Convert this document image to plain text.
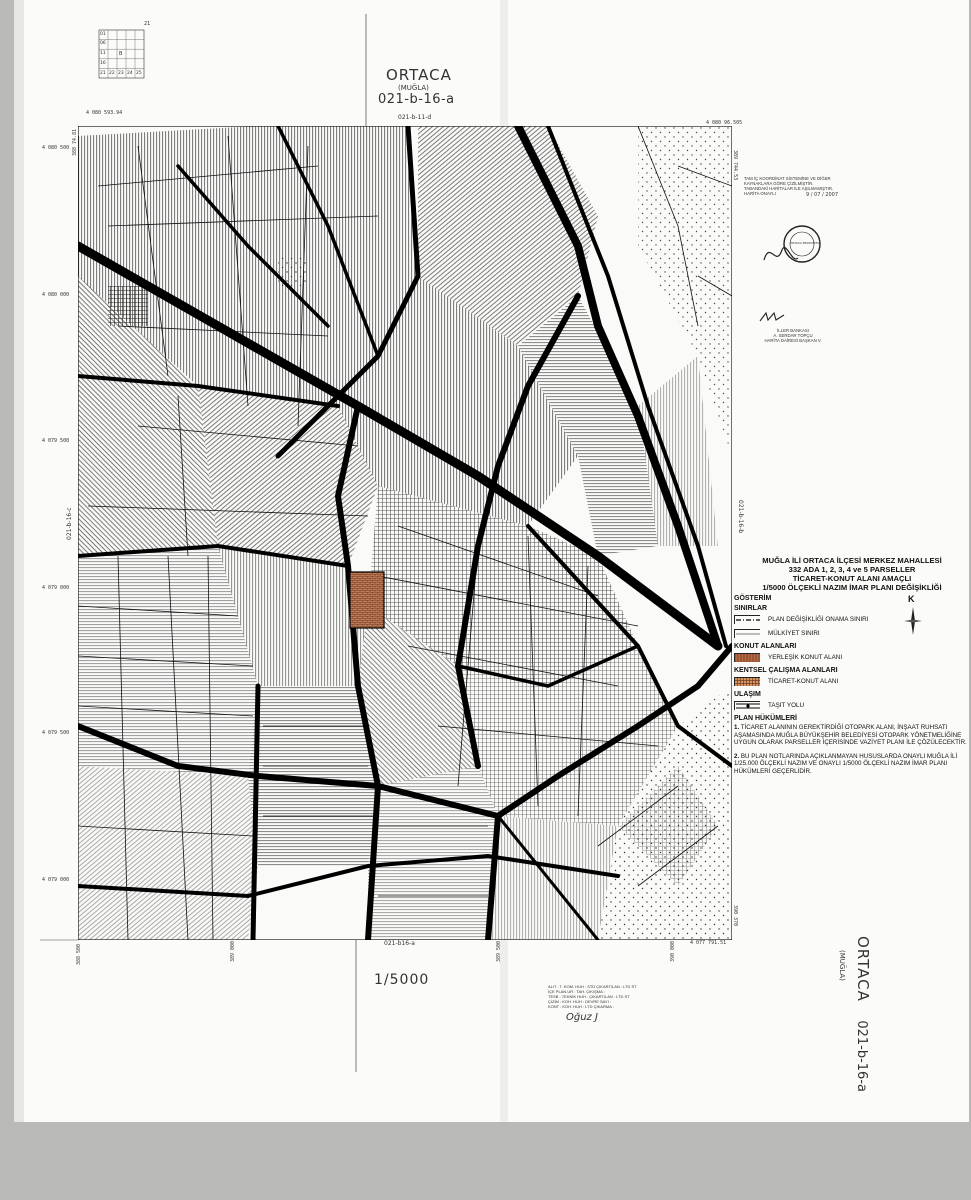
21
01
06
11
16
B
21 22 23 24 25	ORTACA
(MUĞLA)
021-b-16-a
021-b-11-d
021-b16-a
021-b-16-b
021-b-16-c
4 080 593.94
4 080 96.505
4 080 500
4 080 000
4 079 500
4 079 000
4 079 500
4 079 000
4 077 791.51
388 74.81
389 744.53
388 500	389 000	389 500	390 000
390 370
TAM İÇ KOORDİNAT SİSTEMİNE VE DİĞER KAYNAKLARA GÖRE ÇİZİLMİŞTİR.
TABANDAKİ HARİTALAR İLE AŞILMAMIŞTIR.
HARİTA ONAYLI	9 / 07 / 2007
ORTACA BELEDİYESİ
İLLER BANKASI
A. SERDAR TOPÇU
HARİTA DAİRESİ BAŞKAN V.
MUĞLA İLİ ORTACA İLÇESİ MERKEZ MAHALLESİ
332 ADA 1, 2, 3, 4 ve 5 PARSELLER
TİCARET-KONUT ALANI AMAÇLI
1/5000 ÖLÇEKLİ NAZIM İMAR PLANI DEĞİŞİKLİĞİ
GÖSTERİM	K
SINIRLAR
PLAN DEĞİŞİKLİĞİ ONAMA SINIRI
MÜLKİYET SINIRI
KONUT ALANLARI
YERLEŞİK KONUT ALANI
KENTSEL ÇALIŞMA ALANLARI
TİCARET-KONUT ALANI
ULAŞIM
TAŞIT YOLU
PLAN HÜKÜMLERİ
1. TİCARET ALANININ GEREKTİRDİĞİ OTOPARK ALANI, İNŞAAT RUHSATI AŞAMASINDA MUĞLA BÜYÜKŞEHİR BELEDİYESİ OTOPARK YÖNETMELİĞİNE UYGUN OLARAK PARSELLER İÇERİSİNDE VAZİYET PLANI İLE ÇÖZÜLECEKTİR.
2. BU PLAN NOTLARINDA AÇIKLANMAYAN HUSUSLARDA ONAYLI MUĞLA İLİ 1/25.000 ÖLÇEKLİ NAZIM VE ONAYLI 1/5000 ÖLÇEKLİ NAZIM İMAR PLANI HÜKÜMLERİ GEÇERLİDİR.
1/5000	ALIT : T. KOM. HUH : STD ÇIKARTILAN : LTD ST
İÇE PLAN.UR : TAH. ÇIKIŞMA :
TESB : TEKNİK HUH : ÇIKARTILAN : LTD ST
ÇİZİM : KOH. HUH : DEVRE SAYI :
KONT : KOH. HUH : LTD ÇIKARMA :
Oğuz J
ORTACA 021-b-16-a
(MUĞLA)
